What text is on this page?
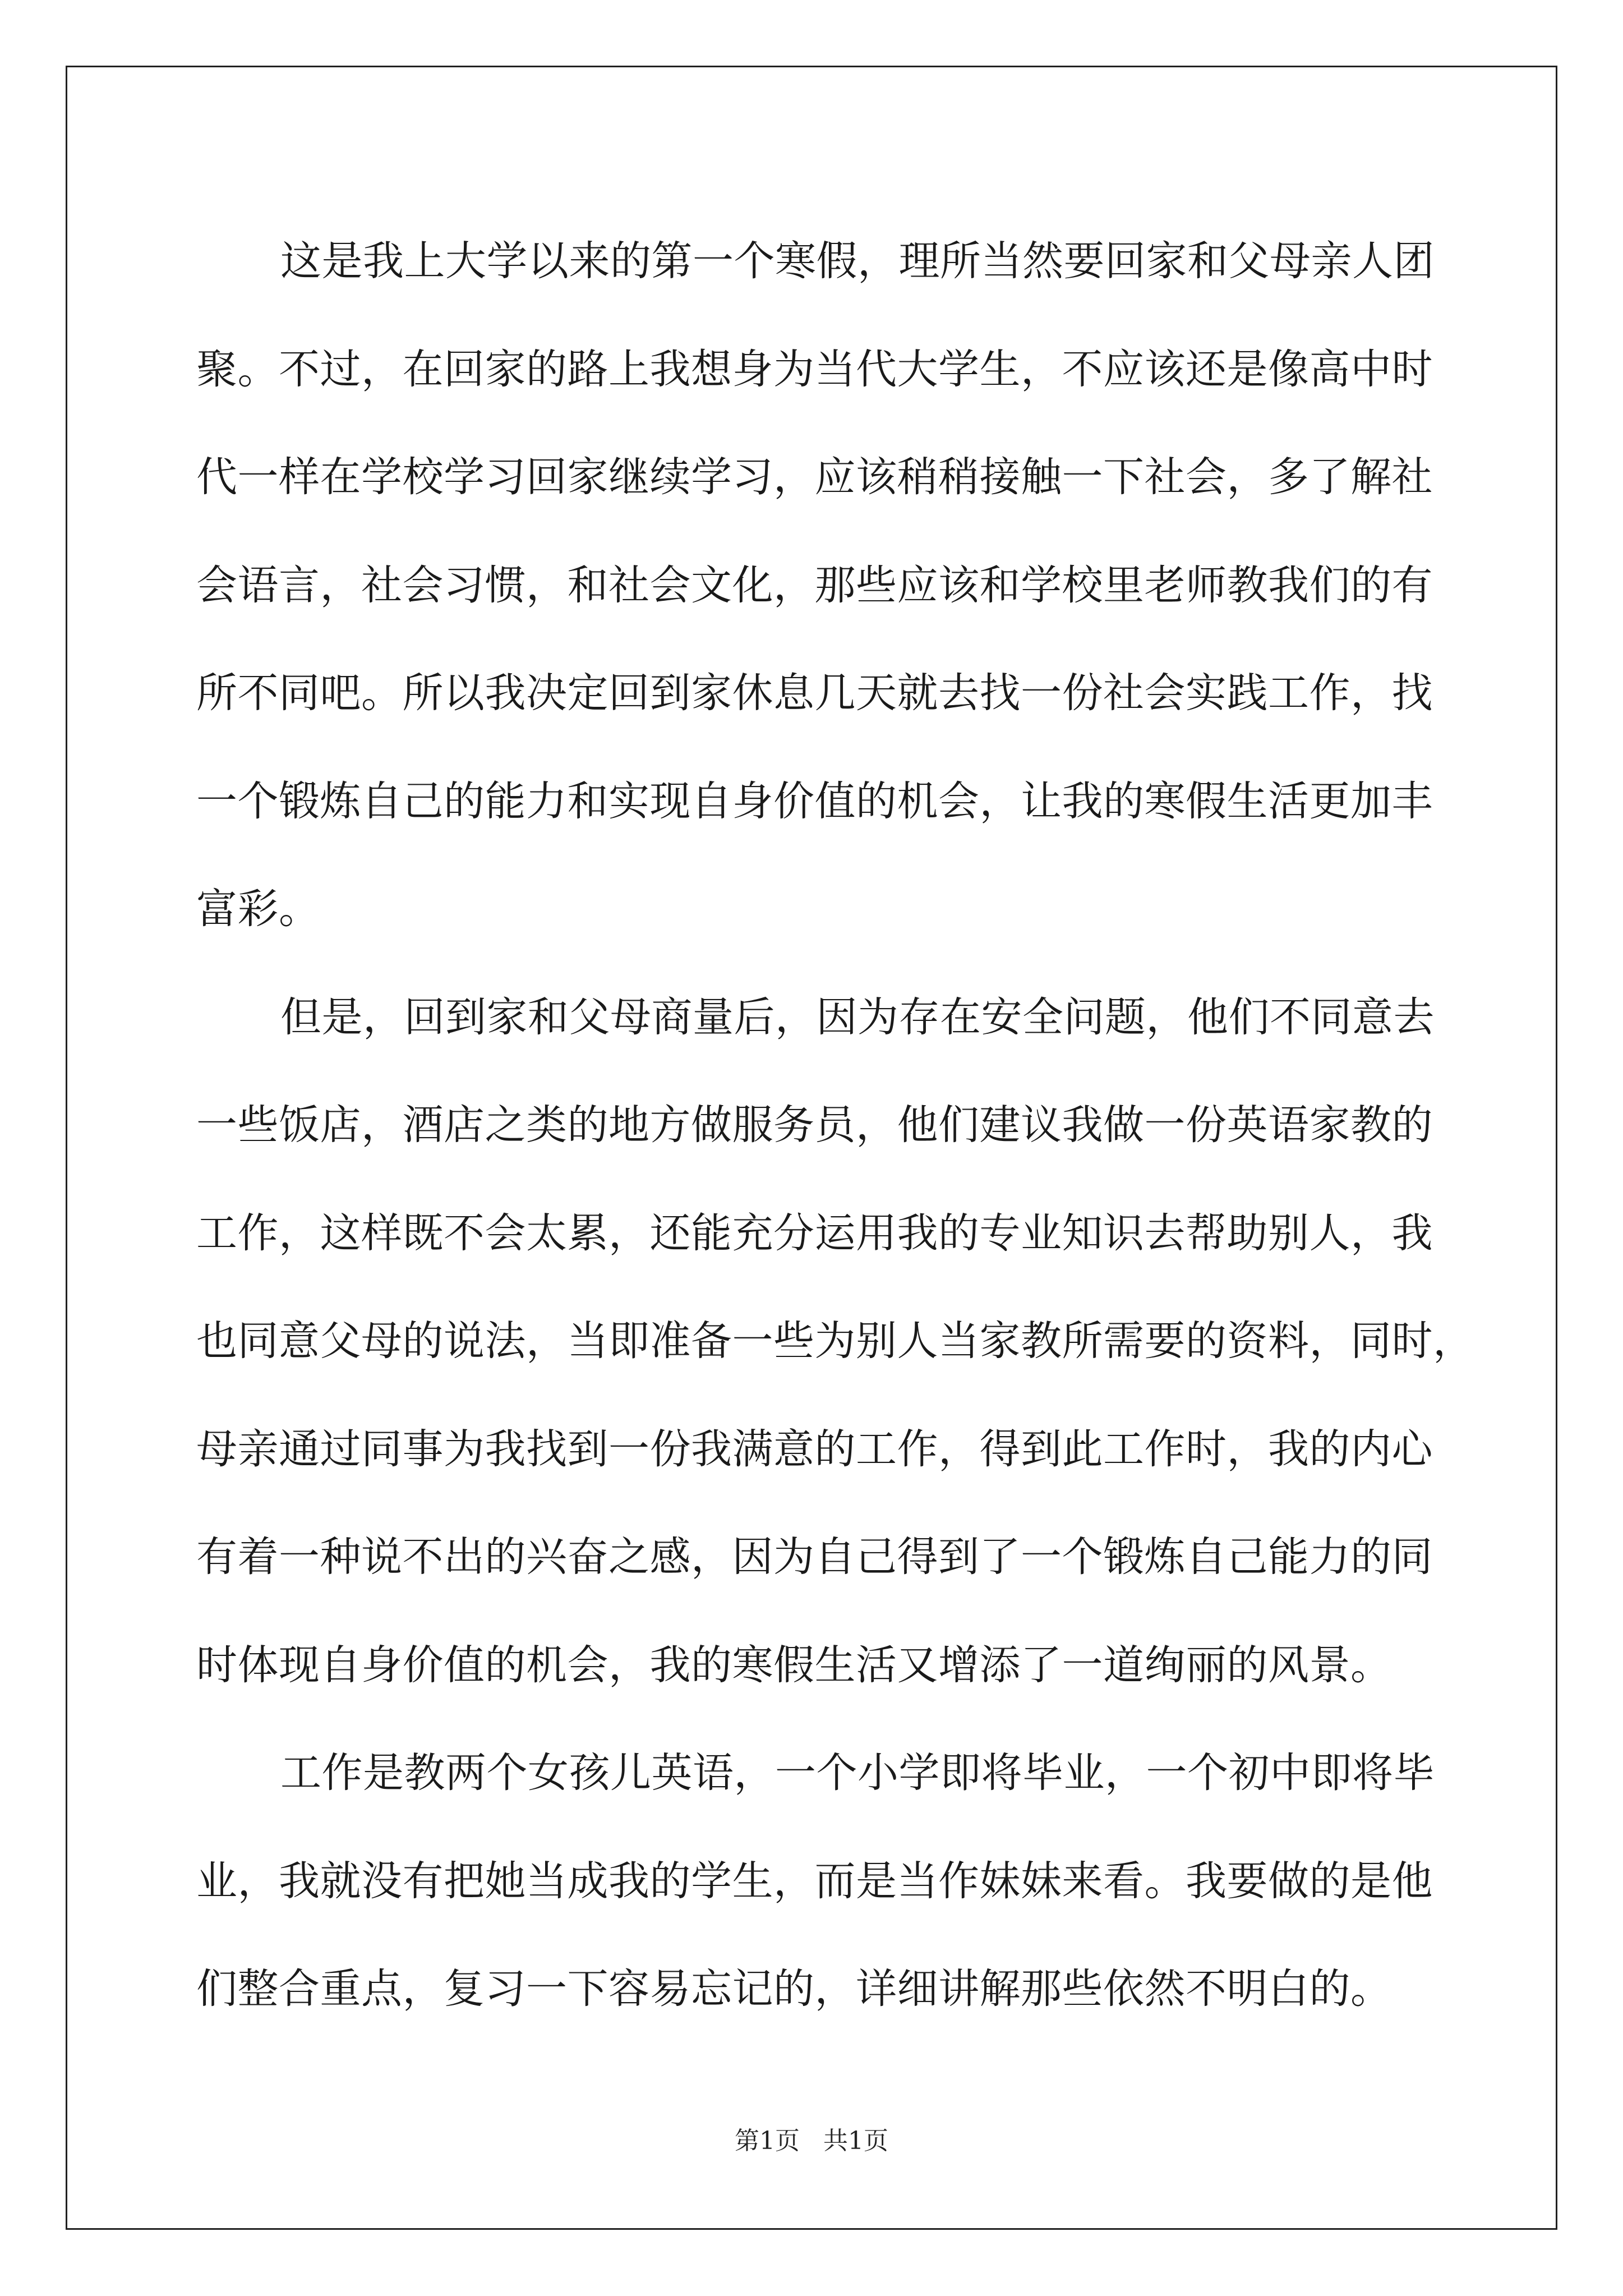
这是我上大学以来的第一个寒假，理所当然要回家和父母亲人团
聚。不过，在回家的路上我想身为当代大学生，不应该还是像高中时
代一样在学校学习回家继续学习，应该稍稍接触一下社会，多了解社
会语言，社会习惯，和社会文化，那些应该和学校里老师教我们的有
所不同吧。所以我决定回到家休息几天就去找一份社会实践工作，找
一个锻炼自己的能力和实现自身价值的机会，让我的寒假生活更加丰
富彩。

但是，回到家和父母商量后，因为存在安全问题，他们不同意去
一些饭店，酒店之类的地方做服务员，他们建议我做一份英语家教的
工作，这样既不会太累，还能充分运用我的专业知识去帮助别人，我
也同意父母的说法，当即准备一些为别人当家教所需要的资料，同时，
母亲通过同事为我找到一份我满意的工作，得到此工作时，我的内心
有着一种说不出的兴奋之感，因为自己得到了一个锻炼自己能力的同
时体现自身价值的机会，我的寒假生活又增添了一道绚丽的风景。

工作是教两个女孩儿英语，一个小学即将毕业，一个初中即将毕
业，我就没有把她当成我的学生，而是当作妹妹来看。我要做的是他
们整合重点，复习一下容易忘记的，详细讲解那些依然不明白的。

第1页 共1页
